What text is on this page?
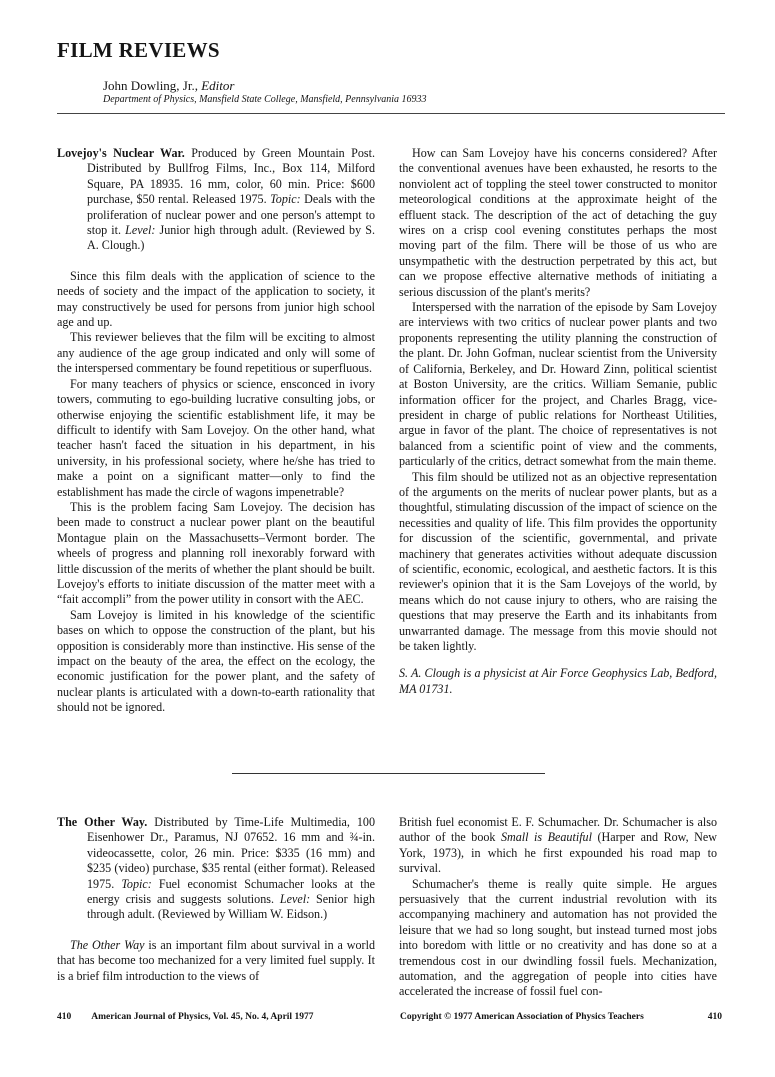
FILM REVIEWS
John Dowling, Jr., Editor
Department of Physics, Mansfield State College, Mansfield, Pennsylvania 16933

Lovejoy's Nuclear War. Produced by Green Mountain Post. Distributed by Bullfrog Films, Inc., Box 114, Milford Square, PA 18935. 16 mm, color, 60 min. Price: $600 purchase, $50 rental. Released 1975. Topic: Deals with the proliferation of nuclear power and one person's attempt to stop it. Level: Junior high through adult. (Reviewed by S. A. Clough.)

Since this film deals with the application of science to the needs of society and the impact of the application to society, it may constructively be used for persons from junior high school age and up.

This reviewer believes that the film will be exciting to almost any audience of the age group indicated and only will some of the interspersed commentary be found repetitious or superfluous.

For many teachers of physics or science, ensconced in ivory towers, commuting to ego-building lucrative consulting jobs, or otherwise enjoying the scientific establishment life, it may be difficult to identify with Sam Lovejoy. On the other hand, what teacher hasn't faced the situation in his department, in his university, in his professional society, where he/she has tried to make a point on a significant matter—only to find the establishment has made the circle of wagons impenetrable?

This is the problem facing Sam Lovejoy. The decision has been made to construct a nuclear power plant on the beautiful Montague plain on the Massachusetts–Vermont border. The wheels of progress and planning roll inexorably forward with little discussion of the merits of whether the plant should be built. Lovejoy's efforts to initiate discussion of the matter meet with a “fait accompli” from the power utility in consort with the AEC.

Sam Lovejoy is limited in his knowledge of the scientific bases on which to oppose the construction of the plant, but his opposition is considerably more than instinctive. His sense of the impact on the beauty of the area, the effect on the ecology, the economic justification for the power plant, and the safety of nuclear plants is articulated with a down-to-earth rationality that should not be ignored.

How can Sam Lovejoy have his concerns considered? After the conventional avenues have been exhausted, he resorts to the nonviolent act of toppling the steel tower constructed to monitor meteorological conditions at the approximate height of the effluent stack. The description of the act of detaching the guy wires on a crisp cool evening constitutes perhaps the most moving part of the film. There will be those of us who are unsympathetic with the destruction perpetrated by this act, but can we propose effective alternative methods of initiating a serious discussion of the plant's merits?

Interspersed with the narration of the episode by Sam Lovejoy are interviews with two critics of nuclear power plants and two proponents representing the utility planning the construction of the plant. Dr. John Gofman, nuclear scientist from the University of California, Berkeley, and Dr. Howard Zinn, political scientist at Boston University, are the critics. William Semanie, public information officer for the project, and Charles Bragg, vice-president in charge of public relations for Northeast Utilities, argue in favor of the plant. The choice of representatives is not balanced from a scientific point of view and the comments, particularly of the critics, detract somewhat from the main theme.

This film should be utilized not as an objective representation of the arguments on the merits of nuclear power plants, but as a thoughtful, stimulating discussion of the impact of science on the necessities and quality of life. This film provides the opportunity for discussion of the scientific, governmental, and private machinery that generates activities without adequate discussion of scientific, economic, ecological, and aesthetic factors. It is this reviewer's opinion that it is the Sam Lovejoys of the world, by means which do not cause injury to others, who are raising the questions that may preserve the Earth and its inhabitants from unwarranted damage. The message from this movie should not be taken lightly.

S. A. Clough is a physicist at Air Force Geophysics Lab, Bedford, MA 01731.

The Other Way. Distributed by Time-Life Multimedia, 100 Eisenhower Dr., Paramus, NJ 07652. 16 mm and ¾-in. videocassette, color, 26 min. Price: $335 (16 mm) and $235 (video) purchase, $35 rental (either format). Released 1975. Topic: Fuel economist Schumacher looks at the energy crisis and suggests solutions. Level: Senior high through adult. (Reviewed by William W. Eidson.)

The Other Way is an important film about survival in a world that has become too mechanized for a very limited fuel supply. It is a brief film introduction to the views of

British fuel economist E. F. Schumacher. Dr. Schumacher is also author of the book Small is Beautiful (Harper and Row, New York, 1973), in which he first expounded his road map to survival.

Schumacher's theme is really quite simple. He argues persuasively that the current industrial revolution with its accompanying machinery and automation has not provided the leisure that we had so long sought, but instead turned most jobs into boredom with little or no creativity and has done so at a tremendous cost in our dwindling fossil fuels. Mechanization, automation, and the aggregation of people into cities have accelerated the increase of fossil fuel con-

410 American Journal of Physics, Vol. 45, No. 4, April 1977	Copyright © 1977 American Association of Physics Teachers	410
